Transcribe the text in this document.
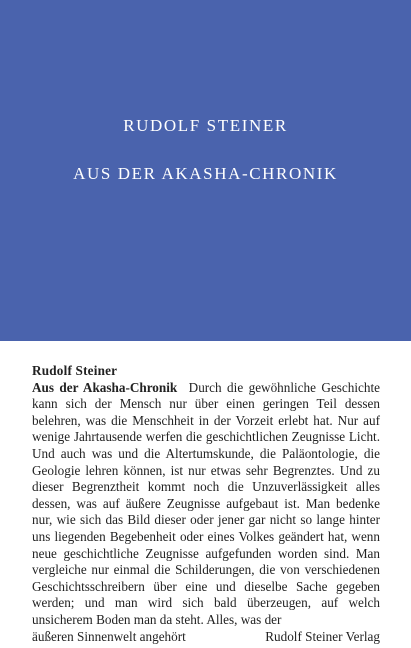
RUDOLF STEINER
AUS DER AKASHA-CHRONIK
Rudolf Steiner
Aus der Akasha-Chronik Durch die gewöhnliche Geschichte kann sich der Mensch nur über einen geringen Teil dessen belehren, was die Menschheit in der Vorzeit erlebt hat. Nur auf wenige Jahrtausende werfen die geschichtlichen Zeugnisse Licht. Und auch was und die Altertumskunde, die Paläontologie, die Geologie lehren können, ist nur etwas sehr Begrenztes. Und zu dieser Begrenztheit kommt noch die Unzuverlässigkeit alles dessen, was auf äußere Zeugnisse aufgebaut ist. Man bedenke nur, wie sich das Bild dieser oder jener gar nicht so lange hinter uns liegenden Begebenheit oder eines Volkes geändert hat, wenn neue geschichtliche Zeugnisse aufgefunden worden sind. Man vergleiche nur einmal die Schilderungen, die von verschiedenen Geschichtsschreibern über eine und dieselbe Sache gegeben werden; und man wird sich bald überzeugen, auf welch unsicherem Boden man da steht. Alles, was der
äußeren Sinnenwelt angehört	Rudolf Steiner Verlag
